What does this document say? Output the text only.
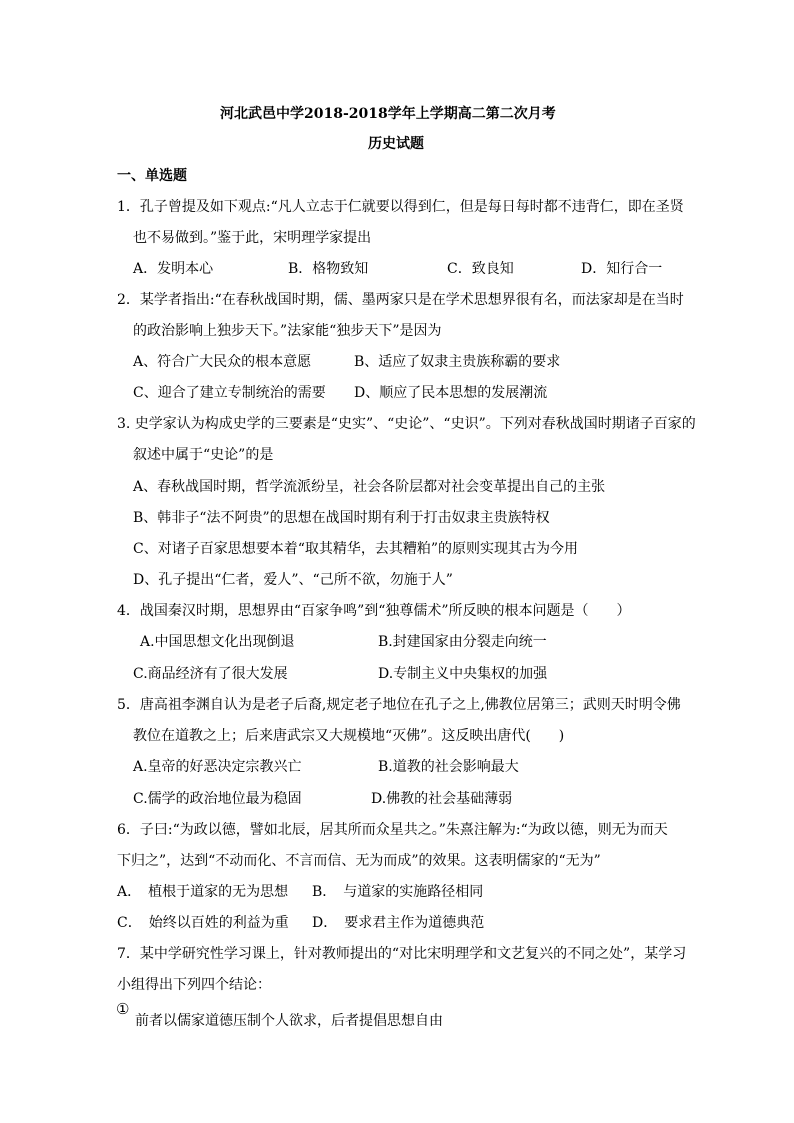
河北武邑中学2018-2018学年上学期高二第二次月考
历史试题
一、单选题
1．孔子曾提及如下观点:“凡人立志于仁就要以得到仁，但是每日每时都不违背仁，即在圣贤
也不易做到。”鉴于此，宋明理学家提出
A．发明本心	B．格物致知	C．致良知	D．知行合一
2．某学者指出:“在春秋战国时期，儒、墨两家只是在学术思想界很有名，而法家却是在当时
的政治影响上独步天下。”法家能“独步天下”是因为
A、符合广大民众的根本意愿	B、适应了奴隶主贵族称霸的要求
C、迎合了建立专制统治的需要 D、顺应了民本思想的发展潮流
3. 史学家认为构成史学的三要素是“史实”、“史论”、“史识”。下列对春秋战国时期诸子百家的
叙述中属于“史论”的是
A、春秋战国时期，哲学流派纷呈，社会各阶层都对社会变革提出自己的主张
B、韩非子“法不阿贵”的思想在战国时期有利于打击奴隶主贵族特权
C、对诸子百家思想要本着“取其精华，去其糟粕”的原则实现其古为今用
D、孔子提出“仁者，爱人”、“己所不欲，勿施于人”
4．战国秦汉时期，思想界由“百家争鸣”到“独尊儒术”所反映的根本问题是（　　）
A.中国思想文化出现倒退	B.封建国家由分裂走向统一
C.商品经济有了很大发展	D.专制主义中央集权的加强
5．唐高祖李渊自认为是老子后裔,规定老子地位在孔子之上,佛教位居第三；武则天时明令佛
教位在道教之上；后来唐武宗又大规模地“灭佛”。这反映出唐代(　　)
A.皇帝的好恶决定宗教兴亡	B.道教的社会影响最大
C.儒学的政治地位最为稳固	D.佛教的社会基础薄弱
6．子曰:“为政以德，譬如北辰，居其所而众星共之。”朱熹注解为:“为政以德，则无为而天
下归之”，达到“不动而化、不言而信、无为而成”的效果。这表明儒家的“无为”
A．　植根于道家的无为思想 B．　与道家的实施路径相同
C．　始终以百姓的利益为重 D．　要求君主作为道德典范
7．某中学研究性学习课上，针对教师提出的“对比宋明理学和文艺复兴的不同之处”，某学习
小组得出下列四个结论：
①
前者以儒家道德压制个人欲求，后者提倡思想自由
